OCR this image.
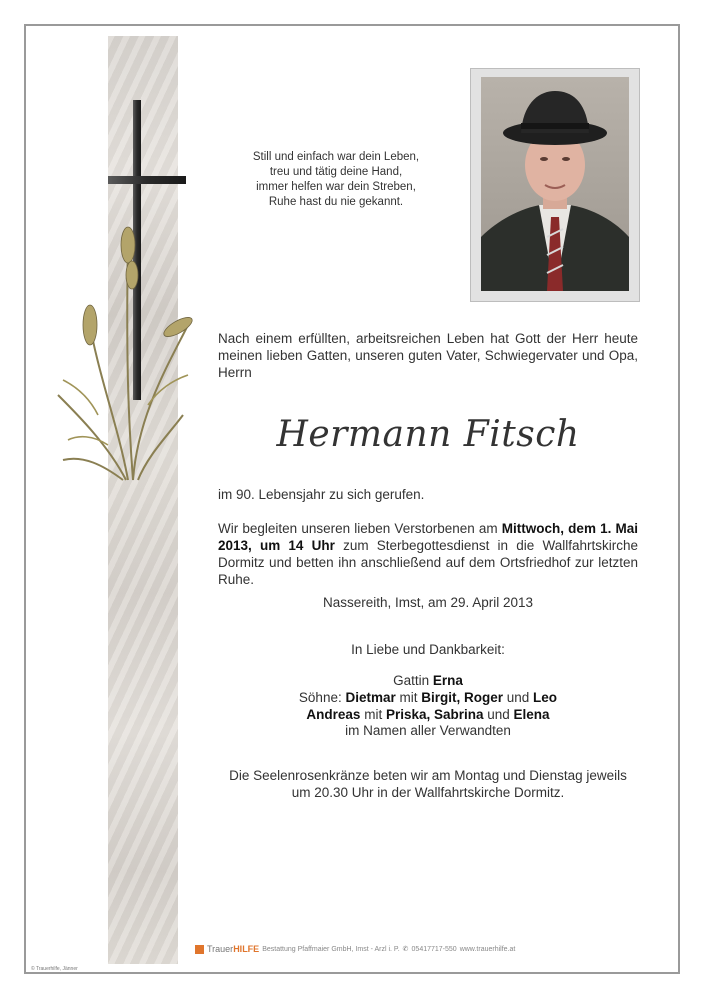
Still und einfach war dein Leben,
treu und tätig deine Hand,
immer helfen war dein Streben,
Ruhe hast du nie gekannt.
Nach einem erfüllten, arbeitsreichen Leben hat Gott der Herr heute meinen lieben Gatten, unseren guten Vater, Schwiegervater und Opa, Herrn
Hermann Fitsch
im 90. Lebensjahr zu sich gerufen.
Wir begleiten unseren lieben Verstorbenen am Mittwoch, dem 1. Mai 2013, um 14 Uhr zum Sterbegottesdienst in die Wallfahrtskirche Dormitz und betten ihn anschließend auf dem Ortsfriedhof zur letzten Ruhe.
Nassereith, Imst, am 29. April 2013
In Liebe und Dankbarkeit:
Gattin Erna
Söhne: Dietmar mit Birgit, Roger und Leo
Andreas mit Priska, Sabrina und Elena
im Namen aller Verwandten
Die Seelenrosenkränze beten wir am Montag und Dienstag jeweils
um 20.30 Uhr in der Wallfahrtskirche Dormitz.
TrauerHILFE Bestattung Pfaffmaier GmbH, Imst - Arzl i. P. ✆ 05417717-550 www.trauerhilfe.at
© Trauerhilfe, Jänner
